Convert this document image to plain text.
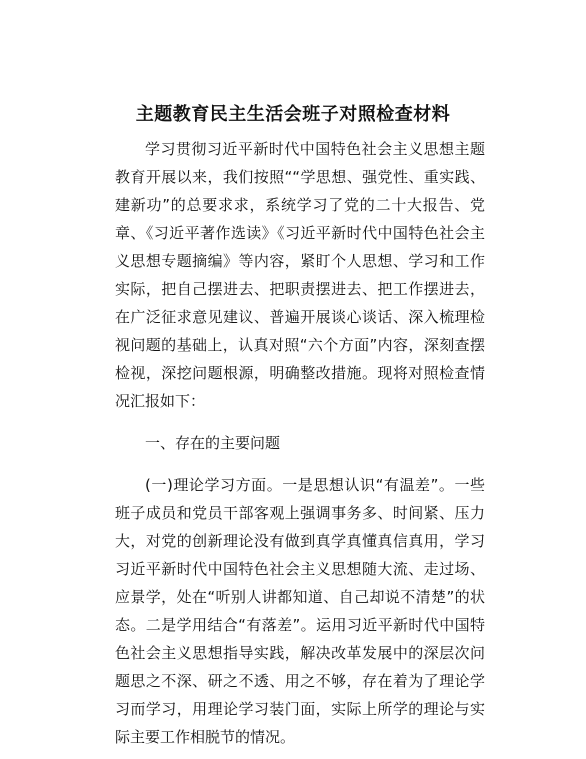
主题教育民主生活会班子对照检查材料

学习贯彻习近平新时代中国特色社会主义思想主题教育开展以来，我们按照““学思想、强党性、重实践、建新功”的总要求求，系统学习了党的二十大报告、党章、《习近平著作选读》《习近平新时代中国特色社会主义思想专题摘编》等内容，紧盯个人思想、学习和工作实际，把自己摆进去、把职责摆进去、把工作摆进去，在广泛征求意见建议、普遍开展谈心谈话、深入梳理检视问题的基础上，认真对照“六个方面”内容，深刻查摆检视，深挖问题根源，明确整改措施。现将对照检查情况汇报如下：

一、存在的主要问题

(一)理论学习方面。一是思想认识“有温差”。一些班子成员和党员干部客观上强调事务多、时间紧、压力大，对党的创新理论没有做到真学真懂真信真用，学习习近平新时代中国特色社会主义思想随大流、走过场、应景学，处在“听别人讲都知道、自己却说不清楚”的状态。二是学用结合“有落差”。运用习近平新时代中国特色社会主义思想指导实践，解决改革发展中的深层次问题思之不深、研之不透、用之不够，存在着为了理论学习而学习，用理论学习装门面，实际上所学的理论与实际主要工作相脱节的情况。
